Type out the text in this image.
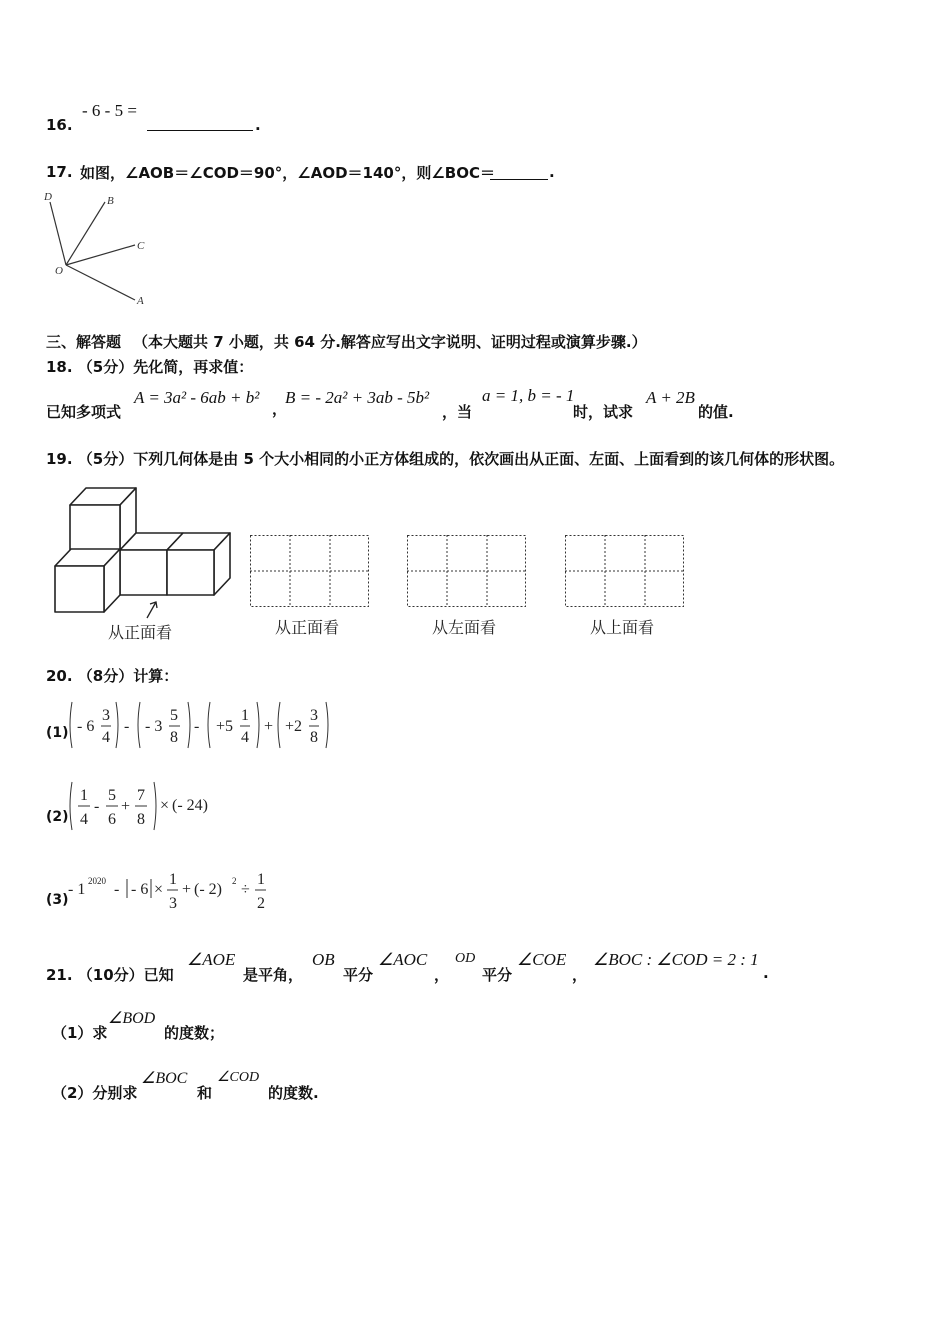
16.
- 6 - 5 =
.
17. 如图，∠AOB＝∠COD＝90°，∠AOD＝140°，则∠BOC＝	.
D	B
C
O
A
三、解答题 （本大题共 7 小题，共 64 分.解答应写出文字说明、证明过程或演算步骤.）
18. （5分）先化简，再求值：
已知多项式
A = 3a² - 6ab + b²
，
B = - 2a² + 3ab - 5b²
，当
a = 1, b = - 1
时，试求
A + 2B
的值.
19. （5分）下列几何体是由 5 个大小相同的小正方体组成的，依次画出从正面、左面、上面看到的该几何体的形状图。
从正面看	从正面看	从左面看	从上面看
20. （8分）计算：
(1) - 6
3
4
- - 3
5
8
- +5
1
4
+ +2
3
8
(2)
1
4
-
5
6
+
7
8
× (- 24)
(3)
- 1 2020 - - 6 ×
1
3
+ (- 2) 2 ÷
1
2
21. （10分）已知
∠AOE
是平角，
OB
平分
∠AOC
，
OD
平分
∠COE
，
∠BOC : ∠COD = 2 : 1
.
（1）求
∠BOD
的度数；
（2）分别求
∠BOC
和
∠COD
的度数.
